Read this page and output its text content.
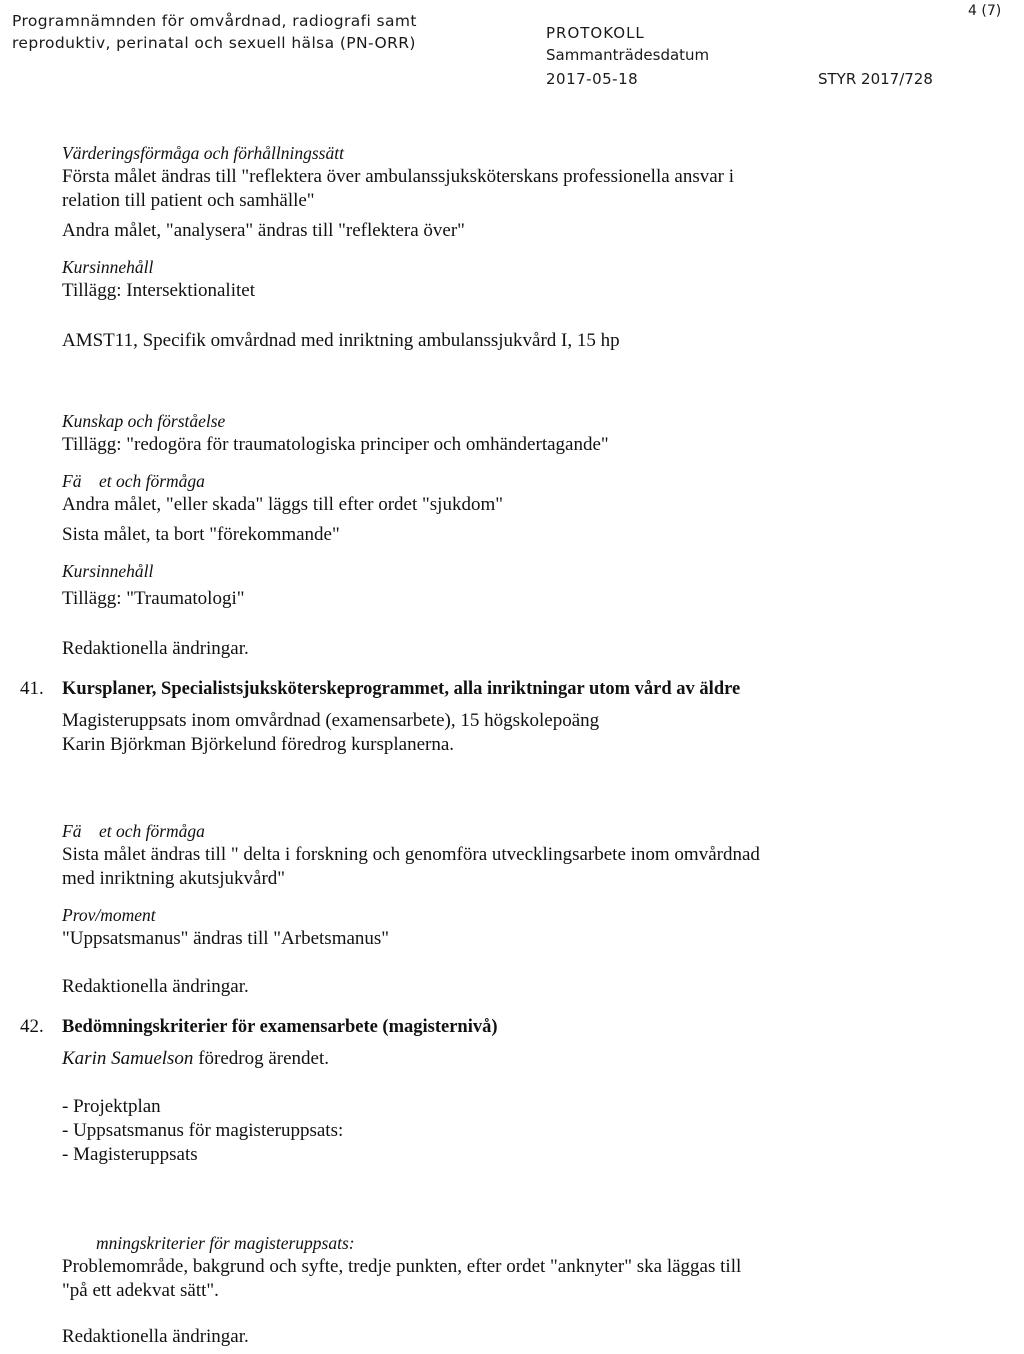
Programnämnden för omvårdnad, radiografi samt
reproduktiv, perinatal och sexuell hälsa (PN-ORR)
PROTOKOLL
Sammanträdesdatum
2017-05-18	STYR 2017/728
4 (7)
Värderingsförmåga och förhållningssätt
Första målet ändras till "reflektera över ambulanssjuksköterskans professionella ansvar i
relation till patient och samhälle"
Andra målet, "analysera" ändras till "reflektera över"
Kursinnehåll
Tillägg: Intersektionalitet
AMST11, Specifik omvårdnad med inriktning ambulanssjukvård I, 15 hp
Kunskap och förståelse
Tillägg: "redogöra för traumatologiska principer och omhändertagande"
Fä    et och förmåga
Andra målet, "eller skada" läggs till efter ordet "sjukdom"
Sista målet, ta bort "förekommande"
Kursinnehåll
Tillägg: "Traumatologi"
Redaktionella ändringar.
41. Kursplaner, Specialistsjuksköterskeprogrammet, alla inriktningar utom vård av äldre
Magisteruppsats inom omvårdnad (examensarbete), 15 högskolepoäng
Karin Björkman Björkelund föredrog kursplanerna.
Fä    et och förmåga
Sista målet ändras till " delta i forskning och genomföra utvecklingsarbete inom omvårdnad
med inriktning akutsjukvård"
Prov/moment
"Uppsatsmanus" ändras till "Arbetsmanus"
Redaktionella ändringar.
42. Bedömningskriterier för examensarbete (magisternivå)
Karin Samuelson föredrog ärendet.
- Projektplan
- Uppsatsmanus för magisteruppsats:
- Magisteruppsats
mningskriterier för magisteruppsats:
Problemområde, bakgrund och syfte, tredje punkten, efter ordet "anknyter" ska läggas till
"på ett adekvat sätt".
Redaktionella ändringar.
